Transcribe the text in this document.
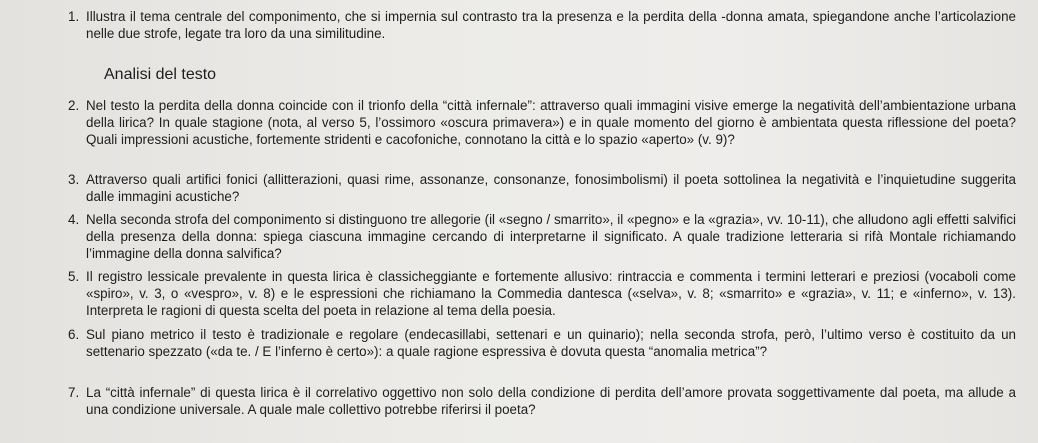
1. Illustra il tema centrale del componimento, che si impernia sul contrasto tra la presenza e la perdita della -donna amata, spiegandone anche l’articolazione nelle due strofe, legate tra loro da una similitudine.
Analisi del testo
2. Nel testo la perdita della donna coincide con il trionfo della “città infernale”: attraverso quali immagini visive emerge la negatività dell’ambientazione urbana della lirica? In quale stagione (nota, al verso 5, l’ossimoro «oscura primavera») e in quale momento del giorno è ambientata questa riflessione del poeta? Quali impressioni acustiche, fortemente stridenti e cacofoniche, connotano la città e lo spazio «aperto» (v. 9)?
3. Attraverso quali artifici fonici (allitterazioni, quasi rime, assonanze, consonanze, fonosimbolismi) il poeta sottolinea la negatività e l’inquietudine suggerita dalle immagini acustiche?
4. Nella seconda strofa del componimento si distinguono tre allegorie (il «segno / smarrito», il «pegno» e la «grazia», vv. 10-11), che alludono agli effetti salvifici della presenza della donna: spiega ciascuna immagine cercando di interpretarne il significato. A quale tradizione letteraria si rifà Montale richiamando l’immagine della donna salvifica?
5. Il registro lessicale prevalente in questa lirica è classicheggiante e fortemente allusivo: rintraccia e commenta i termini letterari e preziosi (vocaboli come «spiro», v. 3, o «vespro», v. 8) e le espressioni che richiamano la Commedia dantesca («selva», v. 8; «smarrito» e «grazia», v. 11; e «inferno», v. 13). Interpreta le ragioni di questa scelta del poeta in relazione al tema della poesia.
6. Sul piano metrico il testo è tradizionale e regolare (endecasillabi, settenari e un quinario); nella seconda strofa, però, l’ultimo verso è costituito da un settenario spezzato («da te. / E l’inferno è certo»): a quale ragione espressiva è dovuta questa “anomalia metrica”?
7. La “città infernale” di questa lirica è il correlativo oggettivo non solo della condizione di perdita dell’amore provata soggettivamente dal poeta, ma allude a una condizione universale. A quale male collettivo potrebbe riferirsi il poeta?
